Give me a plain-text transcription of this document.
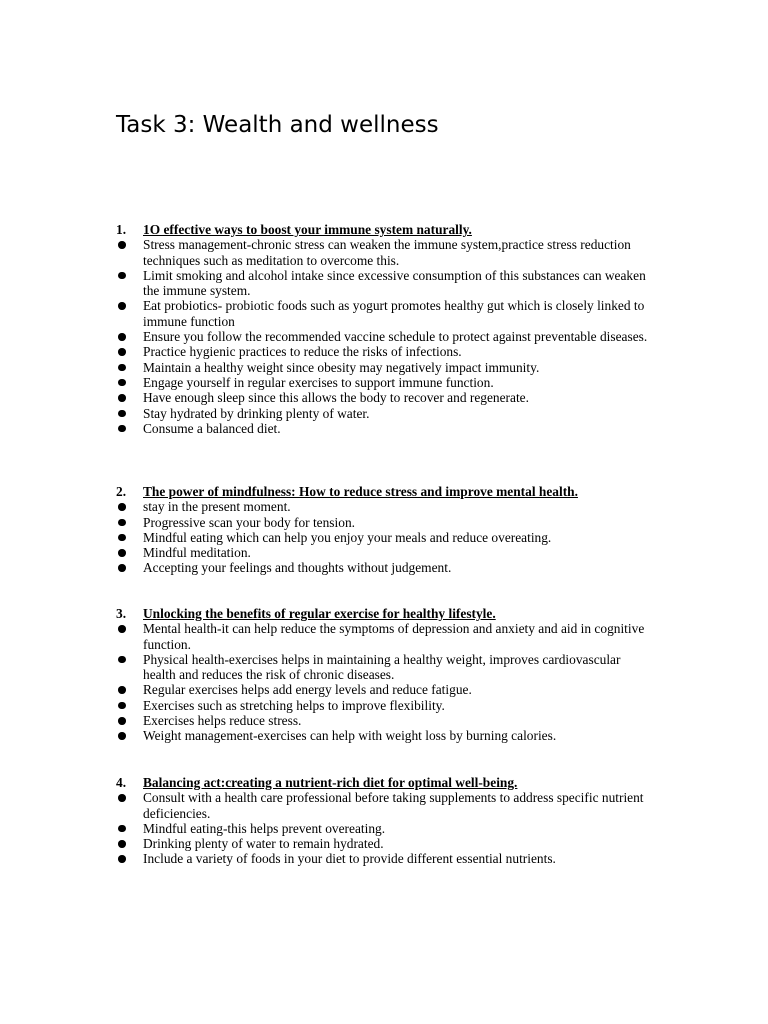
Task 3: Wealth and wellness
1. 1O effective ways to boost your immune system naturally.
Stress management-chronic stress can weaken the immune system,practice stress reduction techniques such as meditation to overcome this.
Limit smoking and alcohol intake since excessive consumption of this substances can weaken the immune system.
Eat probiotics- probiotic foods such as yogurt promotes healthy gut which is closely linked to immune function
Ensure you follow the recommended vaccine schedule to protect against preventable diseases.
Practice hygienic practices to reduce the risks of infections.
Maintain a healthy weight since obesity may negatively impact immunity.
Engage yourself in regular exercises to support immune function.
Have enough sleep since this allows the body to recover and regenerate.
Stay hydrated by drinking plenty of water.
Consume a balanced diet.
2. The power of mindfulness: How to reduce stress and improve mental health.
stay in the present moment.
Progressive scan your body for tension.
Mindful eating which can help you enjoy your meals and reduce overeating.
Mindful meditation.
Accepting your feelings and thoughts without judgement.
3. Unlocking the benefits of regular exercise for healthy lifestyle.
Mental health-it can help reduce the symptoms of depression and anxiety and aid in cognitive function.
Physical health-exercises helps in maintaining a healthy weight, improves cardiovascular health and reduces the risk of chronic diseases.
Regular exercises helps add energy levels and reduce fatigue.
Exercises such as stretching helps to improve flexibility.
Exercises helps reduce stress.
Weight management-exercises can help with weight loss by burning calories.
4. Balancing act:creating a nutrient-rich diet for optimal well-being.
Consult with a health care professional before taking supplements to address specific nutrient deficiencies.
Mindful eating-this helps prevent overeating.
Drinking plenty of water to remain hydrated.
Include a variety of foods in your diet to provide different essential nutrients.
